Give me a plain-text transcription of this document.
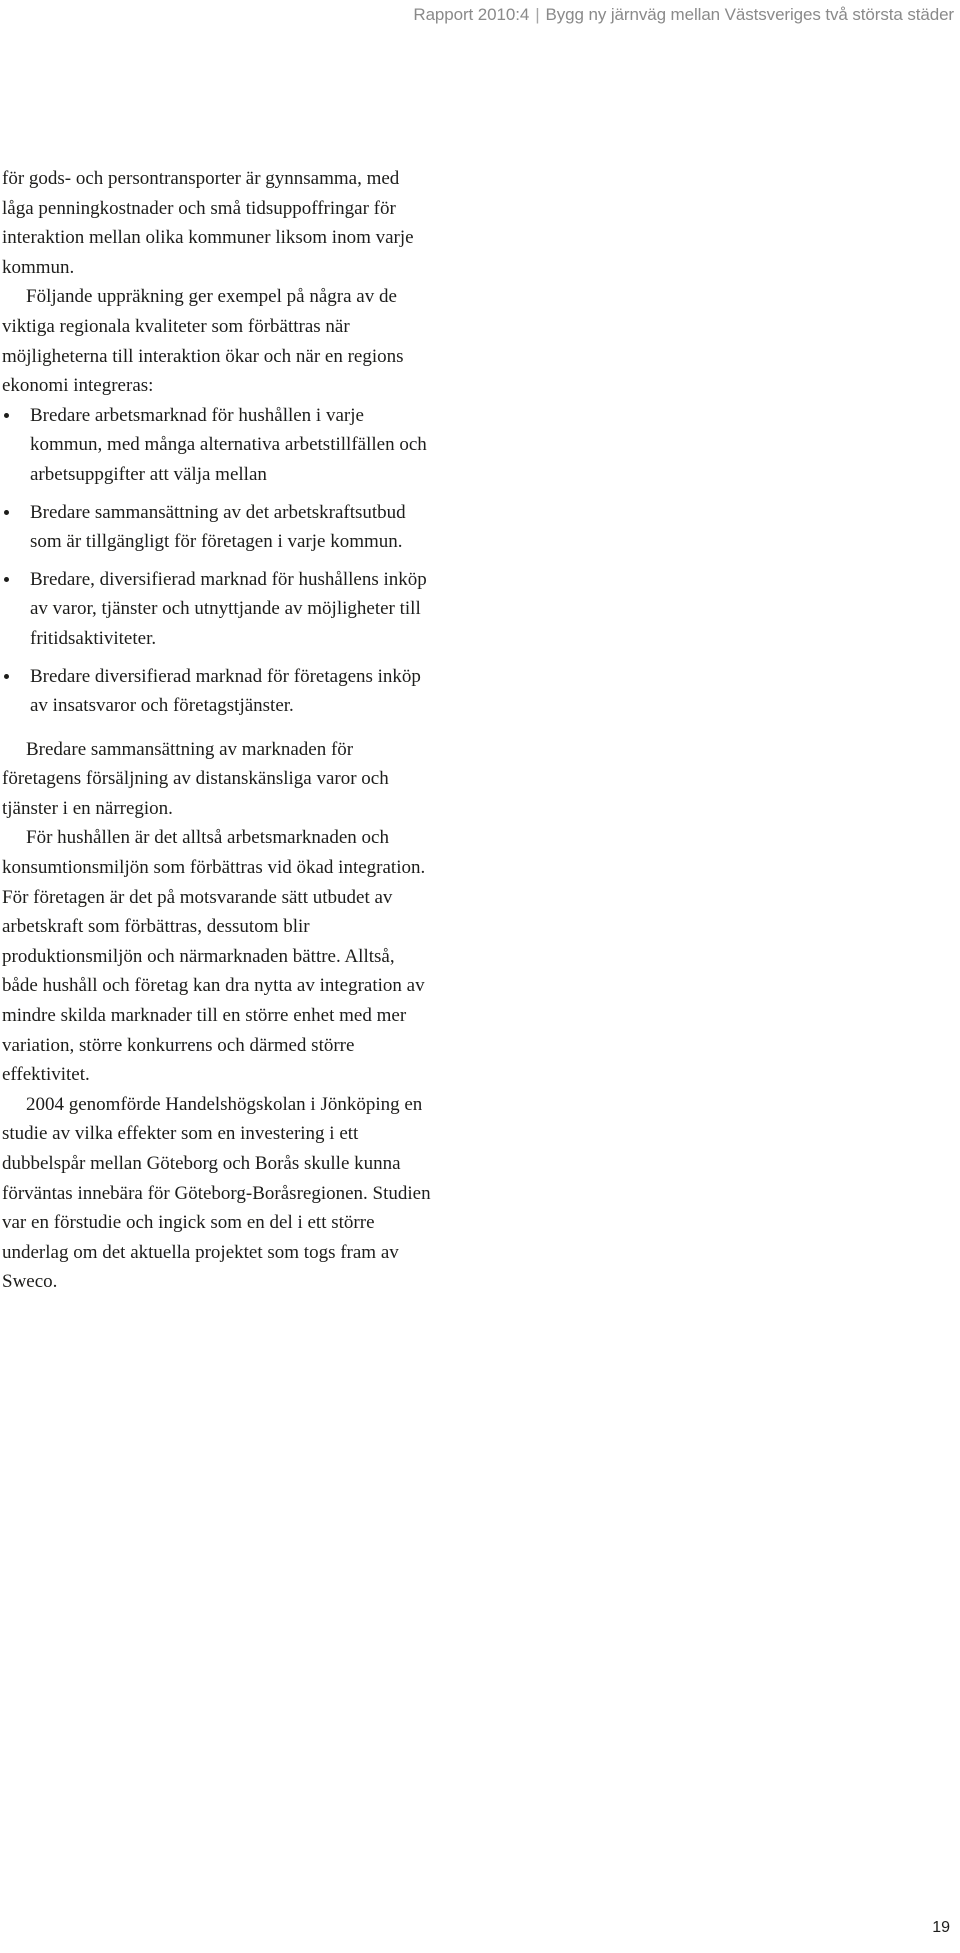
Rapport 2010:4 | Bygg ny järnväg mellan Västsveriges två största städer

för gods- och persontransporter är gynnsamma, med låga penningkostnader och små tidsuppoffringar för interaktion mellan olika kommuner liksom inom varje kommun.

Följande uppräkning ger exempel på några av de viktiga regionala kvaliteter som förbättras när möjligheterna till interaktion ökar och när en regions ekonomi integreras:

Bredare arbetsmarknad för hushållen i varje kommun, med många alternativa arbetstillfällen och arbetsuppgifter att välja mellan
Bredare sammansättning av det arbetskraftsutbud som är tillgängligt för företagen i varje kommun.
Bredare, diversifierad marknad för hushållens inköp av varor, tjänster och utnyttjande av möjligheter till fritidsaktiviteter.
Bredare diversifierad marknad för företagens inköp av insatsvaror och företagstjänster.

Bredare sammansättning av marknaden för företagens försäljning av distanskänsliga varor och tjänster i en närregion.

För hushållen är det alltså arbetsmarknaden och konsumtionsmiljön som förbättras vid ökad integration. För företagen är det på motsvarande sätt utbudet av arbetskraft som förbättras, dessutom blir produktionsmiljön och närmarknaden bättre. Alltså, både hushåll och företag kan dra nytta av integration av mindre skilda marknader till en större enhet med mer variation, större konkurrens och därmed större effektivitet.

2004 genomförde Handelshögskolan i Jönköping en studie av vilka effekter som en investering i ett dubbelspår mellan Göteborg och Borås skulle kunna förväntas innebära för Göteborg-Boråsregionen. Studien var en förstudie och ingick som en del i ett större underlag om det aktuella projektet som togs fram av Sweco.

19
